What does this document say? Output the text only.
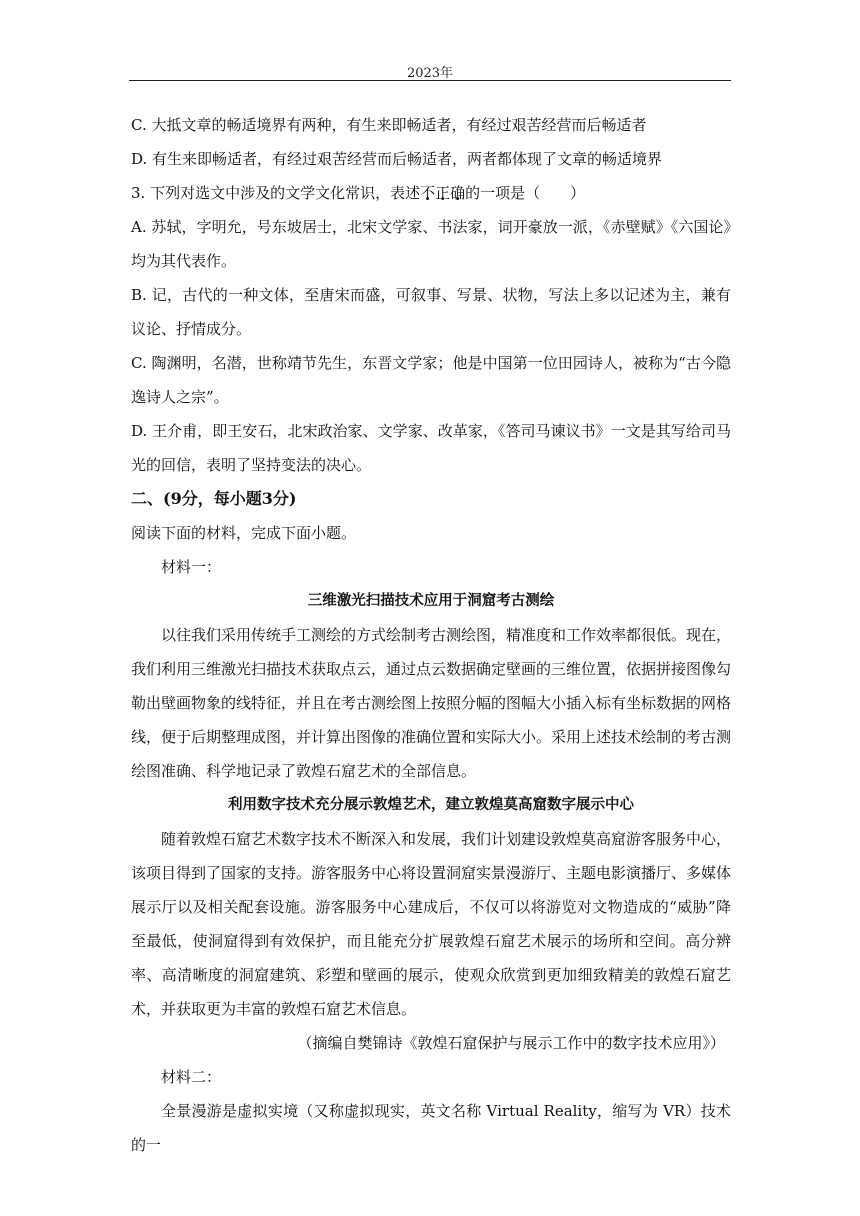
2023年

C. 大抵文章的畅适境界有两种，有生来即畅适者，有经过艰苦经营而后畅适者

D. 有生来即畅适者，有经过艰苦经营而后畅适者，两者都体现了文章的畅适境界

3. 下列对选文中涉及的文学文化常识，表述不正确的一项是（　　）

A. 苏轼，字明允，号东坡居士，北宋文学家、书法家，词开豪放一派，《赤壁赋》《六国论》均为其代表作。

B. 记，古代的一种文体，至唐宋而盛，可叙事、写景、状物，写法上多以记述为主，兼有议论、抒情成分。

C. 陶渊明，名潜，世称靖节先生，东晋文学家；他是中国第一位田园诗人，被称为“古今隐逸诗人之宗”。

D. 王介甫，即王安石，北宋政治家、文学家、改革家，《答司马谏议书》一文是其写给司马光的回信，表明了坚持变法的决心。

二、(9分，每小题3分)

阅读下面的材料，完成下面小题。

材料一：

三维激光扫描技术应用于洞窟考古测绘

以往我们采用传统手工测绘的方式绘制考古测绘图，精准度和工作效率都很低。现在，我们利用三维激光扫描技术获取点云，通过点云数据确定壁画的三维位置，依据拼接图像勾勒出壁画物象的线特征，并且在考古测绘图上按照分幅的图幅大小插入标有坐标数据的网格线，便于后期整理成图，并计算出图像的准确位置和实际大小。采用上述技术绘制的考古测绘图准确、科学地记录了敦煌石窟艺术的全部信息。

利用数字技术充分展示敦煌艺术，建立敦煌莫高窟数字展示中心

随着敦煌石窟艺术数字技术不断深入和发展，我们计划建设敦煌莫高窟游客服务中心，该项目得到了国家的支持。游客服务中心将设置洞窟实景漫游厅、主题电影演播厅、多媒体展示厅以及相关配套设施。游客服务中心建成后，不仅可以将游览对文物造成的“威胁”降至最低，使洞窟得到有效保护，而且能充分扩展敦煌石窟艺术展示的场所和空间。高分辨率、高清晰度的洞窟建筑、彩塑和壁画的展示，使观众欣赏到更加细致精美的敦煌石窟艺术，并获取更为丰富的敦煌石窟艺术信息。

（摘编自樊锦诗《敦煌石窟保护与展示工作中的数字技术应用》）

材料二：

全景漫游是虚拟实境（又称虚拟现实，英文名称 Virtual Reality，缩写为 VR）技术的一
